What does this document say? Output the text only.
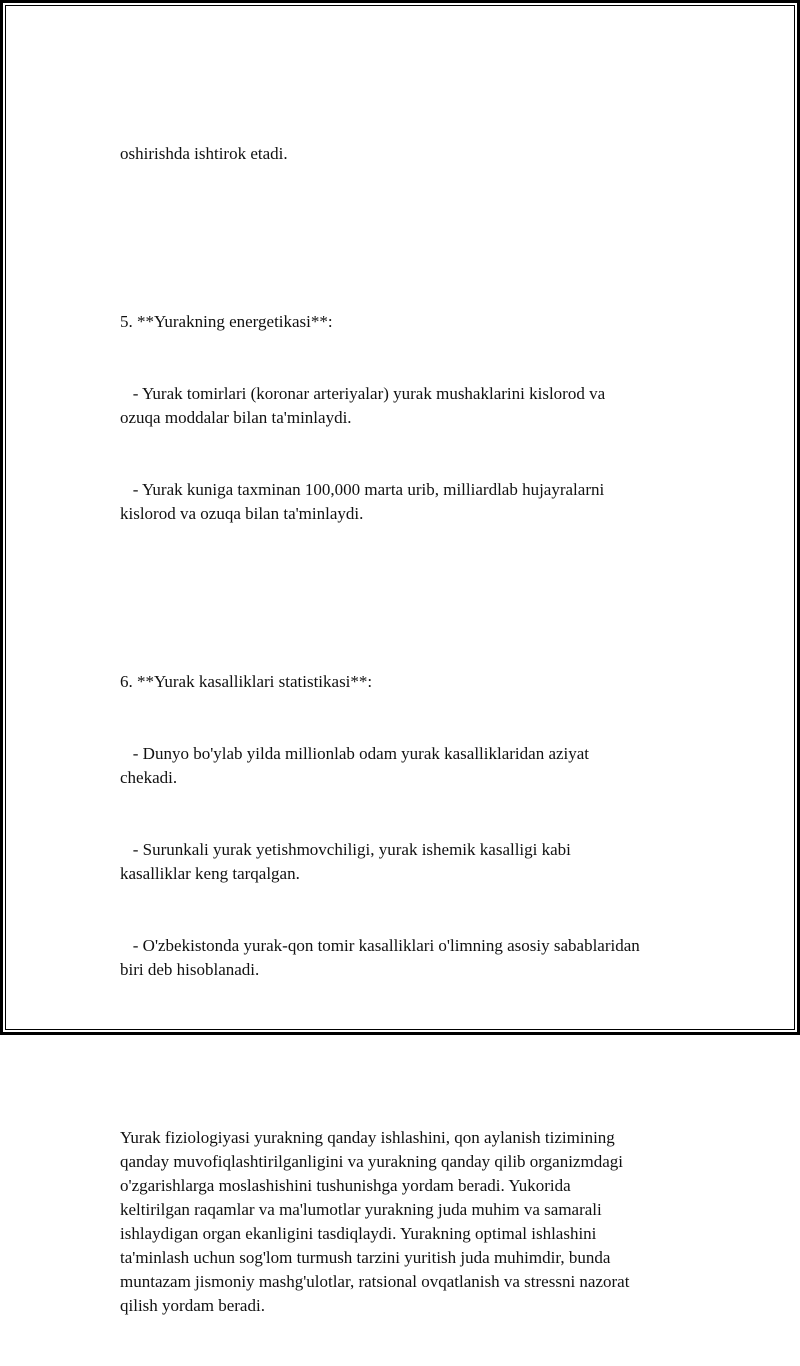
oshirishda ishtirok etadi.

5. **Yurakning energetikasi**:

- Yurak tomirlari (koronar arteriyalar) yurak mushaklarini kislorod va
ozuqa moddalar bilan ta'minlaydi.

- Yurak kuniga taxminan 100,000 marta urib, milliardlab hujayralarni
kislorod va ozuqa bilan ta'minlaydi.

6. **Yurak kasalliklari statistikasi**:

- Dunyo bo'ylab yilda millionlab odam yurak kasalliklaridan aziyat
chekadi.

- Surunkali yurak yetishmovchiligi, yurak ishemik kasalligi kabi
kasalliklar keng tarqalgan.

- O'zbekistonda yurak-qon tomir kasalliklari o'limning asosiy sabablaridan
biri deb hisoblanadi.

Yurak fiziologiyasi yurakning qanday ishlashini, qon aylanish tizimining
qanday muvofiqlashtirilganligini va yurakning qanday qilib organizmdagi
o'zgarishlarga moslashishini tushunishga yordam beradi. Yukorida
keltirilgan raqamlar va ma'lumotlar yurakning juda muhim va samarali
ishlaydigan organ ekanligini tasdiqlaydi. Yurakning optimal ishlashini
ta'minlash uchun sog'lom turmush tarzini yuritish juda muhimdir, bunda
muntazam jismoniy mashg'ulotlar, ratsional ovqatlanish va stressni nazorat
qilish yordam beradi.
